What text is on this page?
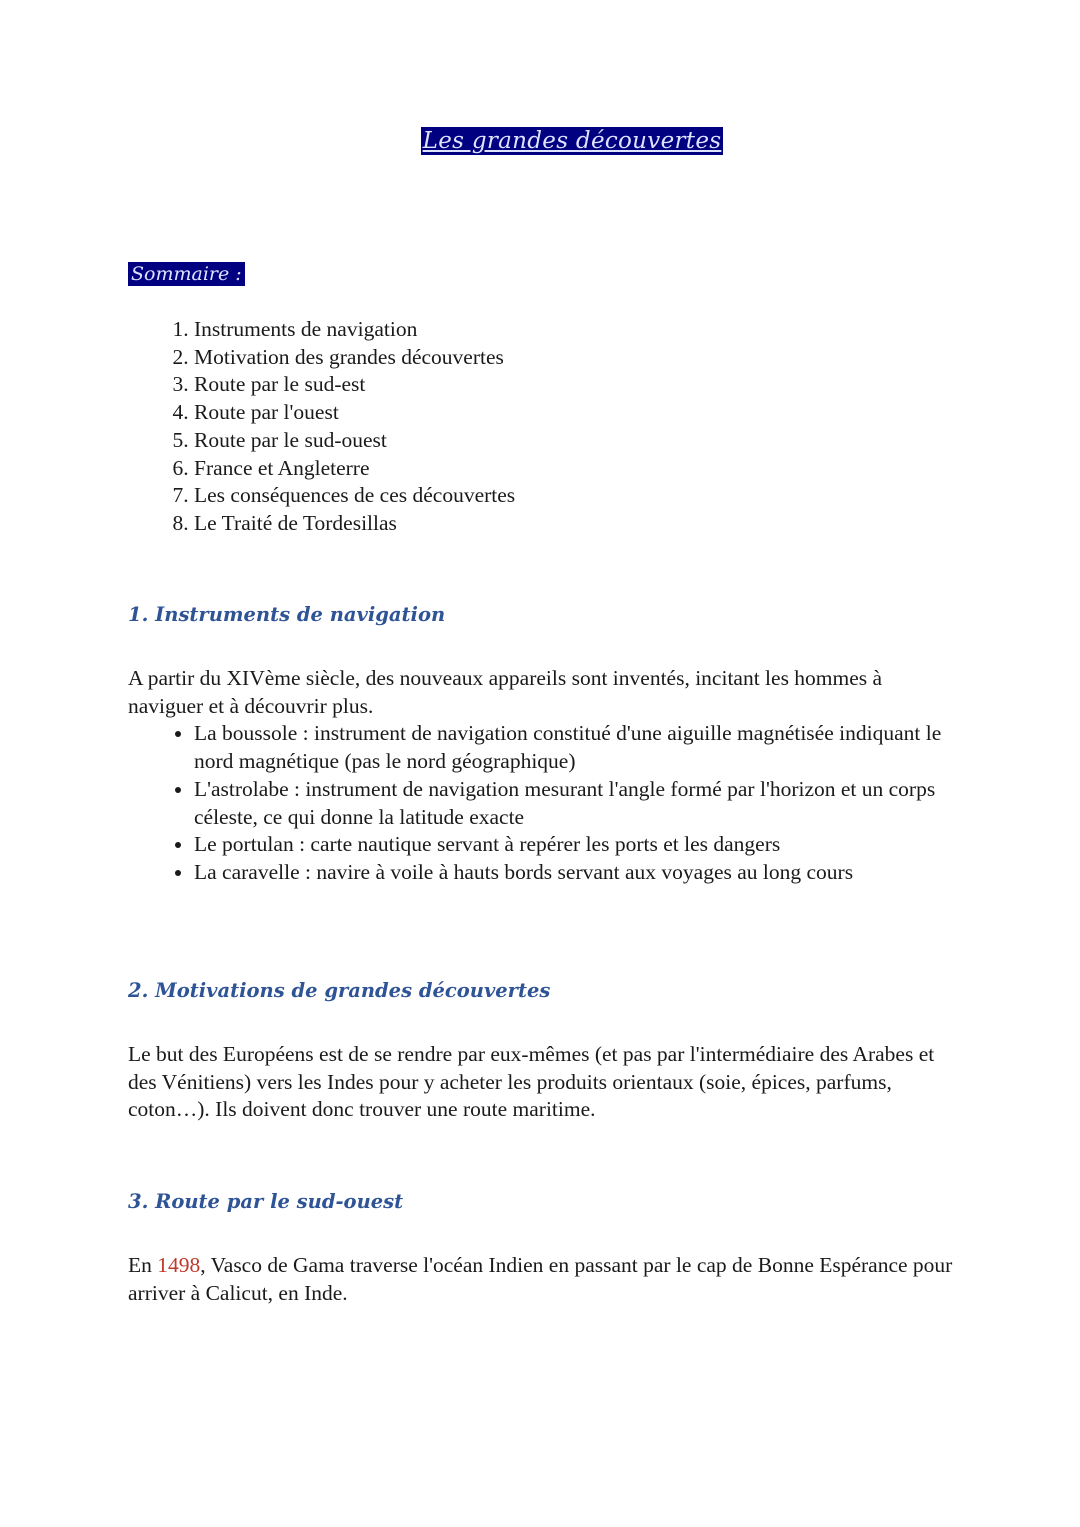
Les grandes découvertes
Sommaire :
1. Instruments de navigation
2. Motivation des grandes découvertes
3. Route par le sud-est
4. Route par l'ouest
5. Route par le sud-ouest
6. France et Angleterre
7. Les conséquences de ces découvertes
8. Le Traité de Tordesillas
1. Instruments de navigation
A partir du XIVème siècle, des nouveaux appareils sont inventés, incitant les hommes à naviguer et à découvrir plus.
• La boussole : instrument de navigation constitué d'une aiguille magnétisée indiquant le nord magnétique (pas le nord géographique)
• L'astrolabe : instrument de navigation mesurant l'angle formé par l'horizon et un corps céleste, ce qui donne la latitude exacte
• Le portulan : carte nautique servant à repérer les ports et les dangers
• La caravelle : navire à voile à hauts bords servant aux voyages au long cours
2. Motivations de grandes découvertes
Le but des Européens est de se rendre par eux-mêmes (et pas par l'intermédiaire des Arabes et des Vénitiens) vers les Indes pour y acheter les produits orientaux (soie, épices, parfums, coton…). Ils doivent donc trouver une route maritime.
3. Route par le sud-ouest
En 1498, Vasco de Gama traverse l'océan Indien en passant par le cap de Bonne Espérance pour arriver à Calicut, en Inde.
